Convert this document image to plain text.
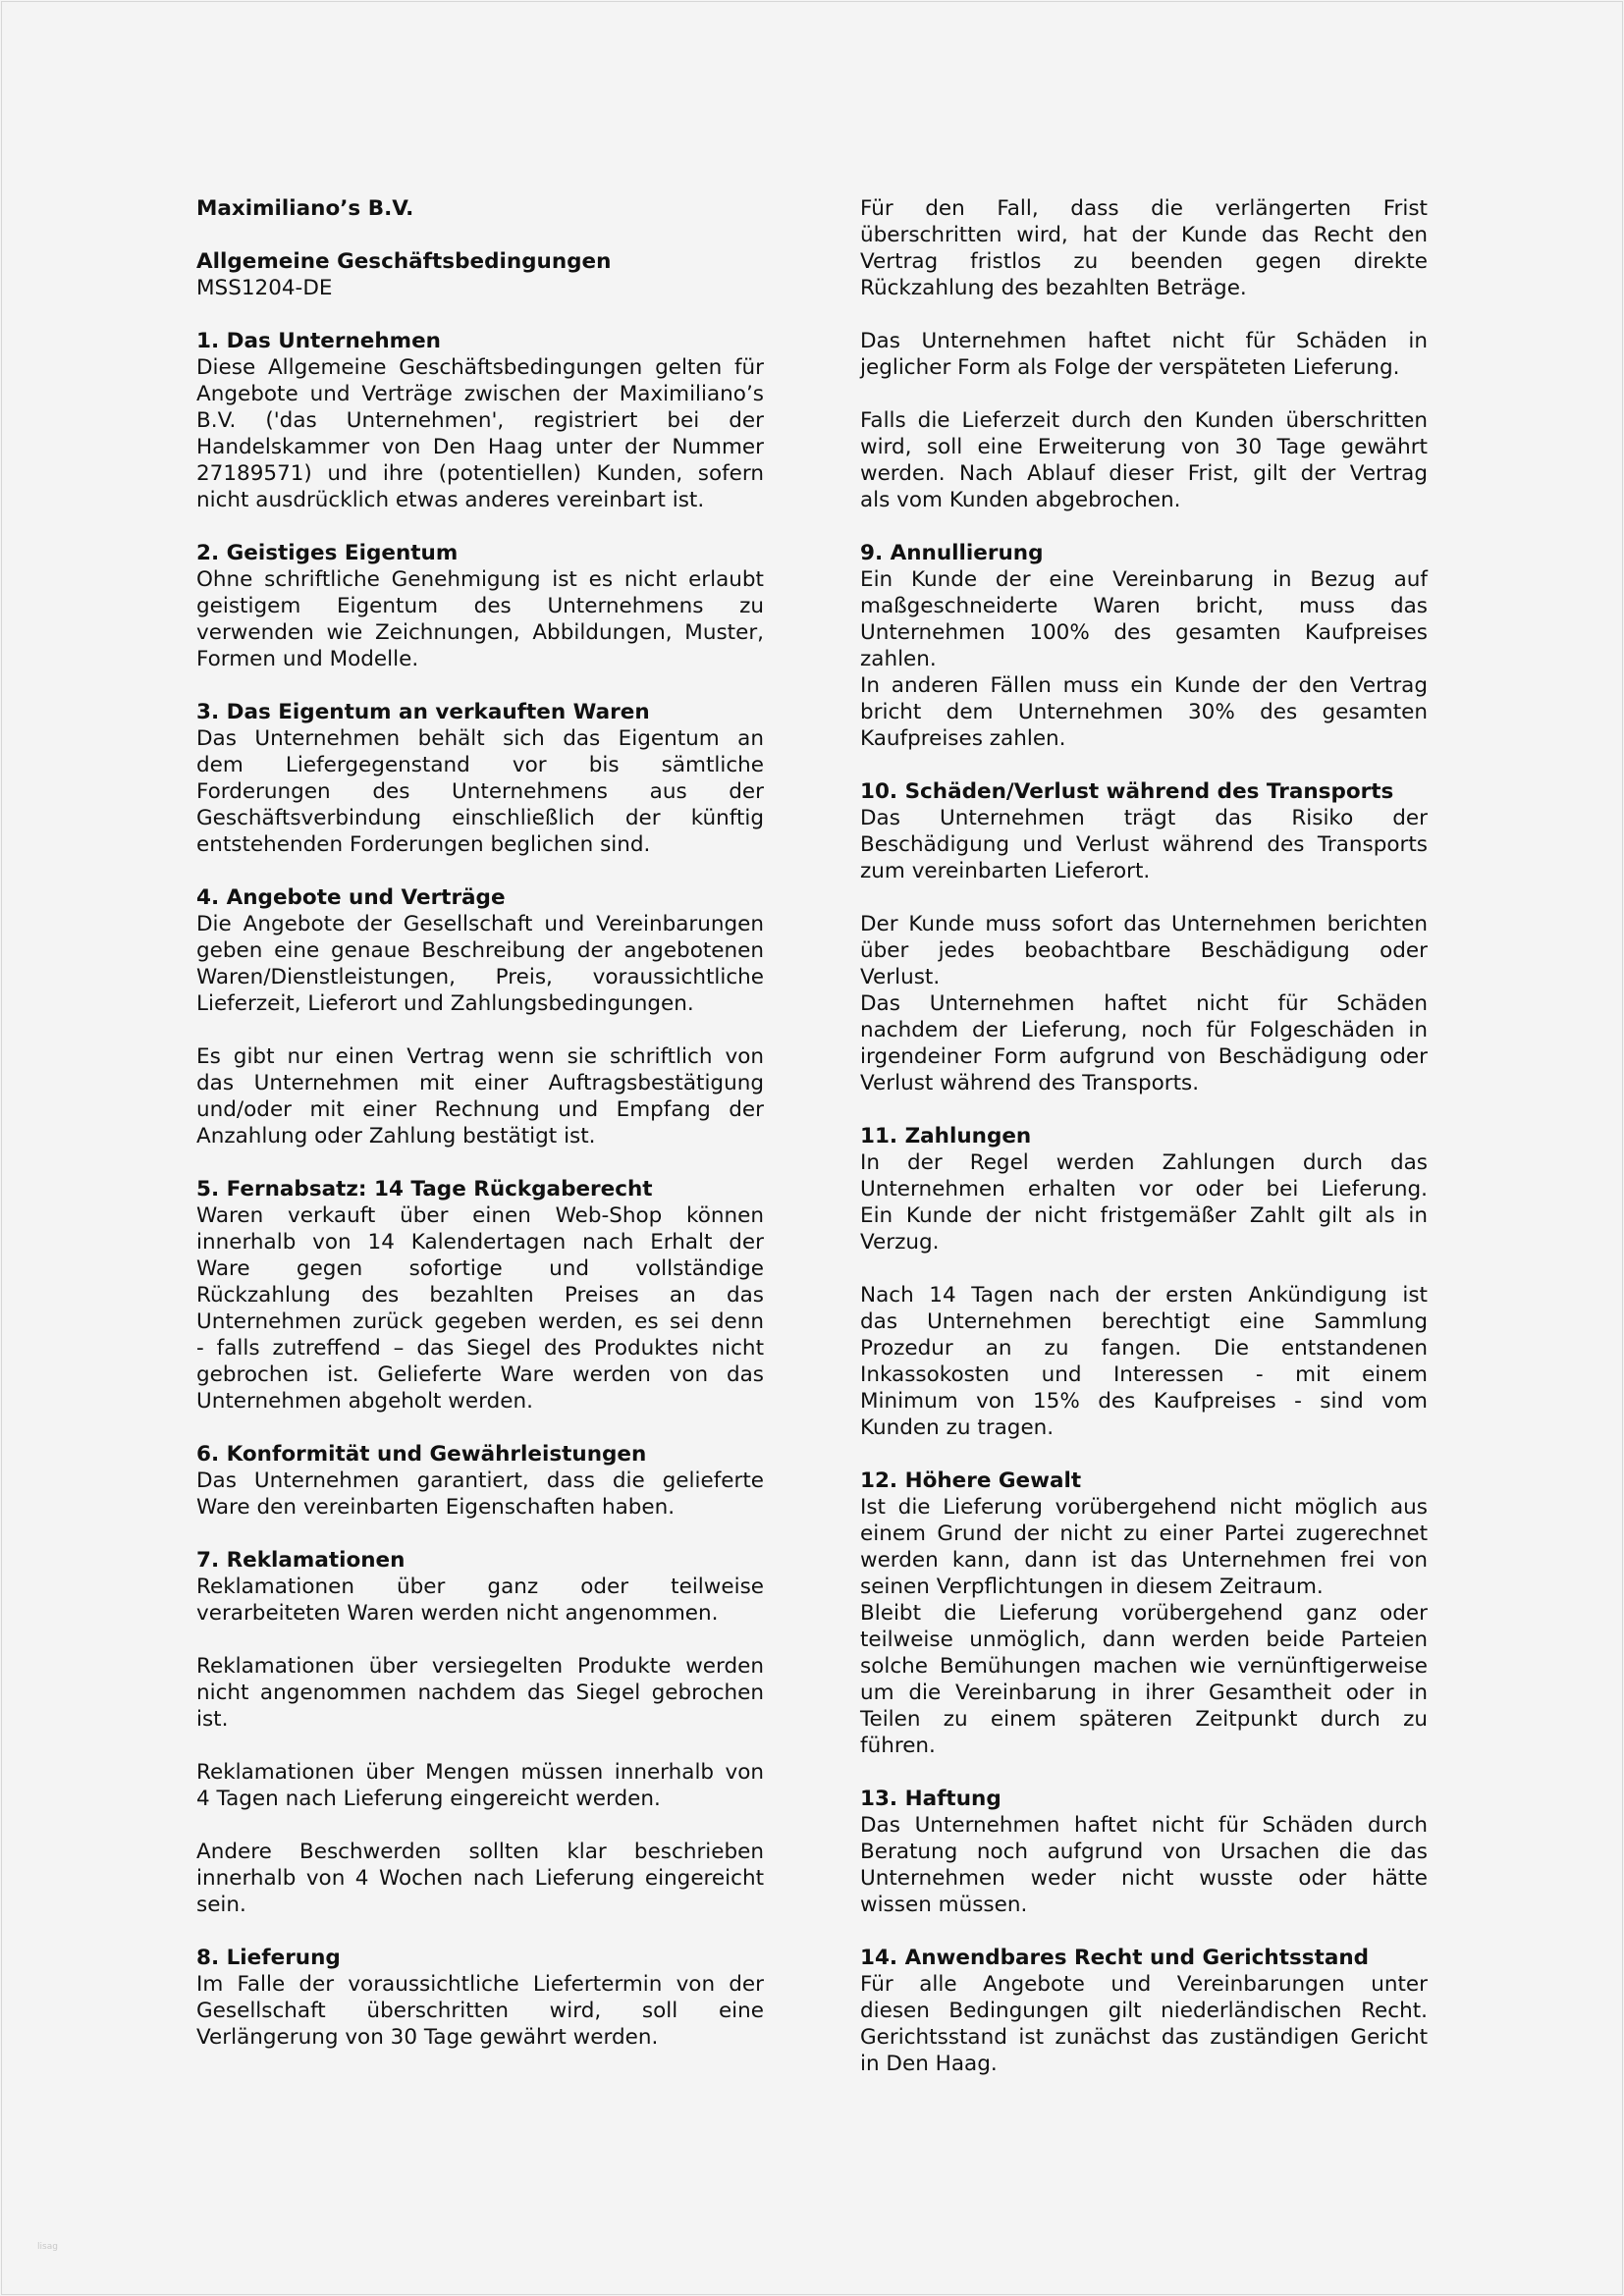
Maximiliano’s B.V.
Allgemeine Geschäftsbedingungen
MSS1204-DE
1. Das Unternehmen
Diese Allgemeine Geschäftsbedingungen gelten für
Angebote und Verträge zwischen der Maximiliano’s
B.V. ('das Unternehmen', registriert bei der
Handelskammer von Den Haag unter der Nummer
27189571) und ihre (potentiellen) Kunden, sofern
nicht ausdrücklich etwas anderes vereinbart ist.
2. Geistiges Eigentum
Ohne schriftliche Genehmigung ist es nicht erlaubt
geistigem Eigentum des Unternehmens zu
verwenden wie Zeichnungen, Abbildungen, Muster,
Formen und Modelle.
3. Das Eigentum an verkauften Waren
Das Unternehmen behält sich das Eigentum an
dem Liefergegenstand vor bis sämtliche
Forderungen des Unternehmens aus der
Geschäftsverbindung einschließlich der künftig
entstehenden Forderungen beglichen sind.
4. Angebote und Verträge
Die Angebote der Gesellschaft und Vereinbarungen
geben eine genaue Beschreibung der angebotenen
Waren/Dienstleistungen, Preis, voraussichtliche
Lieferzeit, Lieferort und Zahlungsbedingungen.
Es gibt nur einen Vertrag wenn sie schriftlich von
das Unternehmen mit einer Auftragsbestätigung
und/oder mit einer Rechnung und Empfang der
Anzahlung oder Zahlung bestätigt ist.
5. Fernabsatz: 14 Tage Rückgaberecht
Waren verkauft über einen Web-Shop können
innerhalb von 14 Kalendertagen nach Erhalt der
Ware gegen sofortige und vollständige
Rückzahlung des bezahlten Preises an das
Unternehmen zurück gegeben werden, es sei denn
- falls zutreffend – das Siegel des Produktes nicht
gebrochen ist. Gelieferte Ware werden von das
Unternehmen abgeholt werden.
6. Konformität und Gewährleistungen
Das Unternehmen garantiert, dass die gelieferte
Ware den vereinbarten Eigenschaften haben.
7. Reklamationen
Reklamationen über ganz oder teilweise
verarbeiteten Waren werden nicht angenommen.
Reklamationen über versiegelten Produkte werden
nicht angenommen nachdem das Siegel gebrochen
ist.
Reklamationen über Mengen müssen innerhalb von
4 Tagen nach Lieferung eingereicht werden.
Andere Beschwerden sollten klar beschrieben
innerhalb von 4 Wochen nach Lieferung eingereicht
sein.
8. Lieferung
Im Falle der voraussichtliche Liefertermin von der
Gesellschaft überschritten wird, soll eine
Verlängerung von 30 Tage gewährt werden.
Für den Fall, dass die verlängerten Frist
überschritten wird, hat der Kunde das Recht den
Vertrag fristlos zu beenden gegen direkte
Rückzahlung des bezahlten Beträge.
Das Unternehmen haftet nicht für Schäden in
jeglicher Form als Folge der verspäteten Lieferung.
Falls die Lieferzeit durch den Kunden überschritten
wird, soll eine Erweiterung von 30 Tage gewährt
werden. Nach Ablauf dieser Frist, gilt der Vertrag
als vom Kunden abgebrochen.
9. Annullierung
Ein Kunde der eine Vereinbarung in Bezug auf
maßgeschneiderte Waren bricht, muss das
Unternehmen 100% des gesamten Kaufpreises
zahlen.
In anderen Fällen muss ein Kunde der den Vertrag
bricht dem Unternehmen 30% des gesamten
Kaufpreises zahlen.
10. Schäden/Verlust während des Transports
Das Unternehmen trägt das Risiko der
Beschädigung und Verlust während des Transports
zum vereinbarten Lieferort.
Der Kunde muss sofort das Unternehmen berichten
über jedes beobachtbare Beschädigung oder
Verlust.
Das Unternehmen haftet nicht für Schäden
nachdem der Lieferung, noch für Folgeschäden in
irgendeiner Form aufgrund von Beschädigung oder
Verlust während des Transports.
11. Zahlungen
In der Regel werden Zahlungen durch das
Unternehmen erhalten vor oder bei Lieferung.
Ein Kunde der nicht fristgemäßer Zahlt gilt als in
Verzug.
Nach 14 Tagen nach der ersten Ankündigung ist
das Unternehmen berechtigt eine Sammlung
Prozedur an zu fangen. Die entstandenen
Inkassokosten und Interessen - mit einem
Minimum von 15% des Kaufpreises - sind vom
Kunden zu tragen.
12. Höhere Gewalt
Ist die Lieferung vorübergehend nicht möglich aus
einem Grund der nicht zu einer Partei zugerechnet
werden kann, dann ist das Unternehmen frei von
seinen Verpflichtungen in diesem Zeitraum.
Bleibt die Lieferung vorübergehend ganz oder
teilweise unmöglich, dann werden beide Parteien
solche Bemühungen machen wie vernünftigerweise
um die Vereinbarung in ihrer Gesamtheit oder in
Teilen zu einem späteren Zeitpunkt durch zu
führen.
13. Haftung
Das Unternehmen haftet nicht für Schäden durch
Beratung noch aufgrund von Ursachen die das
Unternehmen weder nicht wusste oder hätte
wissen müssen.
14. Anwendbares Recht und Gerichtsstand
Für alle Angebote und Vereinbarungen unter
diesen Bedingungen gilt niederländischen Recht.
Gerichtsstand ist zunächst das zuständigen Gericht
in Den Haag.
lisag
